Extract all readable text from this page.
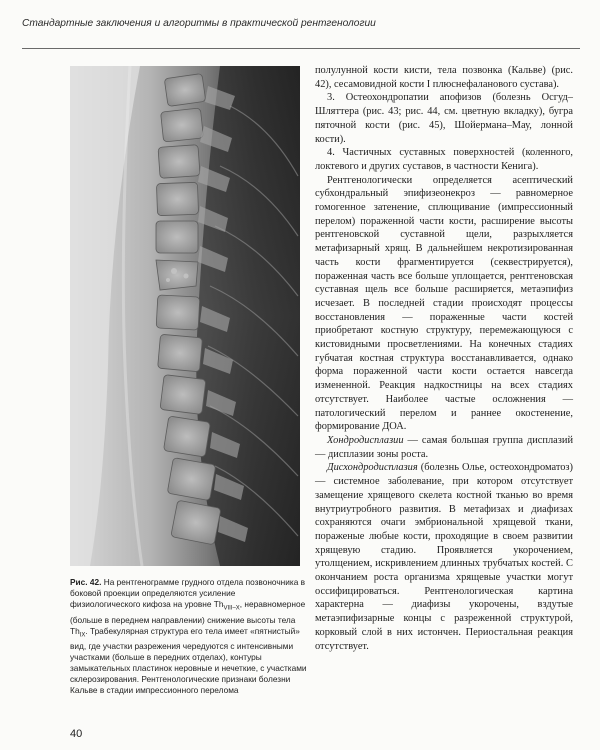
Стандартные заключения и алгоритмы в практической рентгенологии
Рис. 42. На рентгенограмме грудного отдела позвоночника в боковой проекции определяются усиление физиологического кифоза на уровне $Th_{VIII-X}$, неравномерное (больше в переднем направлении) снижение высоты тела $Th_{IX}$. Трабекулярная структура его тела имеет «пятнистый» вид, где участки разрежения чередуются с интенсивными участками (больше в передних отделах), контуры замыкательных пластинок неровные и нечеткие, с участками склерозирования. Рентгенологические признаки болезни Кальве в стадии импрессионного перелома

полулунной кости кисти, тела позвонка (Кальве) (рис. 42), сесамовидной кости I плюснефаланового сустава).

3. Остеохондропатии апофизов (болезнь Осгуд–Шляттера (рис. 43; рис. 44, см. цветную вкладку), бугра пяточной кости (рис. 45), Шойермана–Мау, лонной кости).

4. Частичных суставных поверхностей (коленного, локтевого и других суставов, в частности Кенига).

Рентгенологически определяется асептический субхондральный эпифизеонекроз — равномерное гомогенное затенение, сплющивание (импрессионный перелом) пораженной части кости, расширение высоты рентгеновской суставной щели, разрыхляется метафизарный хрящ. В дальнейшем некротизированная часть кости фрагментируется (секвестрируется), пораженная часть все больше уплощается, рентгеновская суставная щель все больше расширяется, метаэпифиз исчезает. В последней стадии происходят процессы восстановления — пораженные части костей приобретают костную структуру, перемежающуюся с кистовидными просветлениями. На конечных стадиях губчатая костная структура восстанавливается, однако форма пораженной части кости остается навсегда измененной. Реакция надкостницы на всех стадиях отсутствует. Наиболее частые осложнения — патологический перелом и раннее окостенение, формирование ДОА.

Хондродисплазии — самая большая группа дисплазий — дисплазии зоны роста.

Дисхондродисплазия (болезнь Олье, остеохондроматоз) — системное заболевание, при котором отсутствует замещение хрящевого скелета костной тканью во время внутриутробного развития. В метафизах и диафизах сохраняются очаги эмбриональной хрящевой ткани, пораженые любые кости, проходящие в своем развитии хрящевую стадию. Проявляется укорочением, утолщением, искривлением длинных трубчатых костей. С окончанием роста организма хрящевые участки могут оссифицироваться. Рентгенологическая картина характерна — диафизы укорочены, вздутые метаэпифизарные концы с разреженной структурой, корковый слой в них истончен. Периостальная реакция отсутствует.

40
